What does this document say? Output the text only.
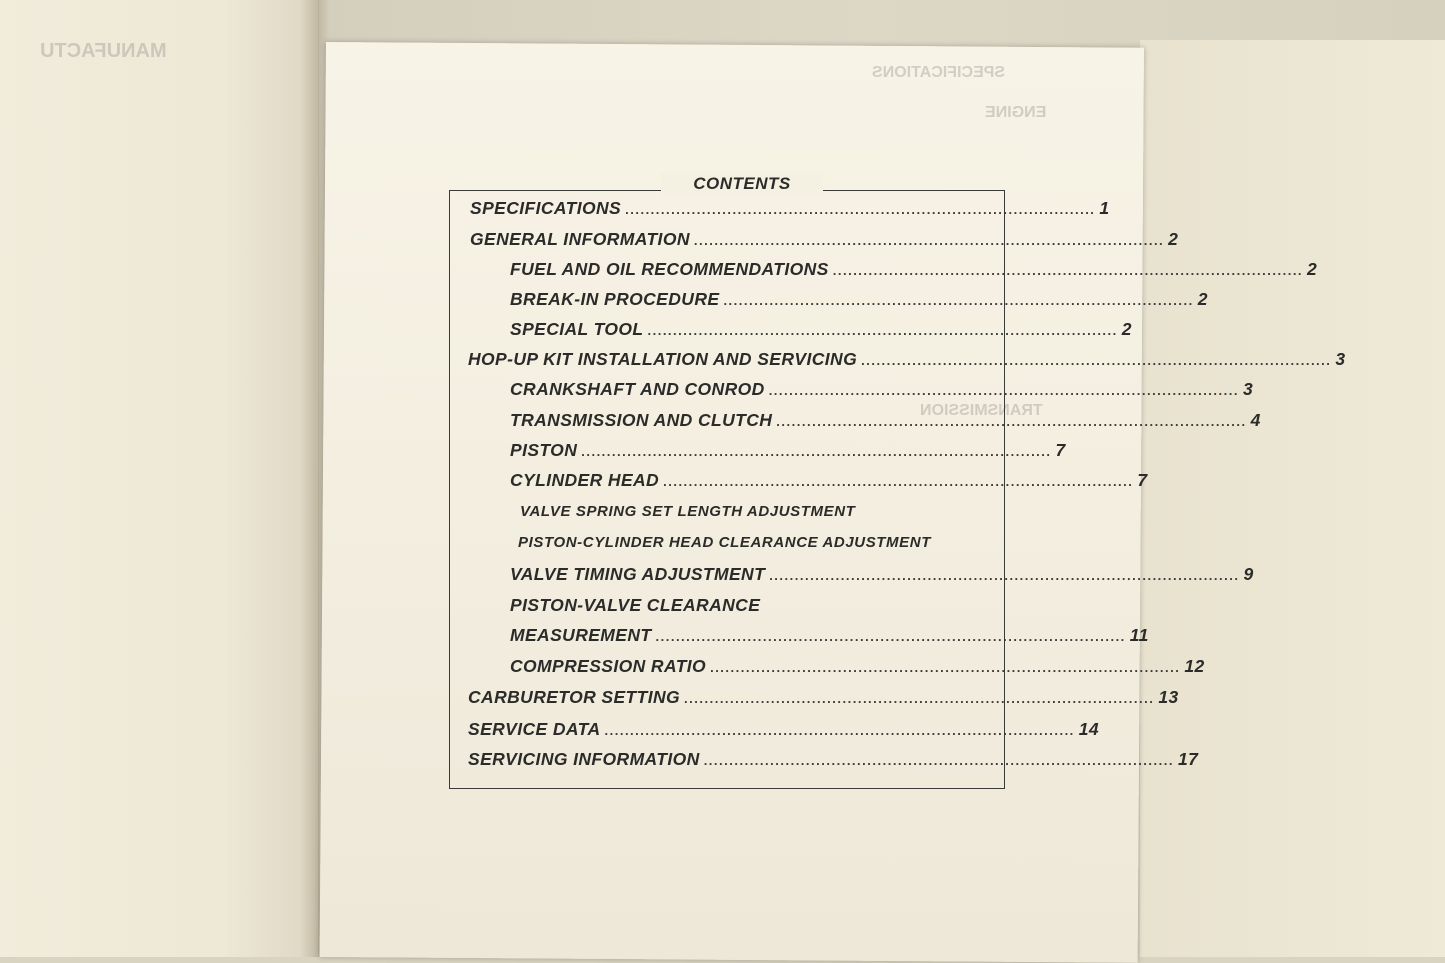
SPECIFICATIONS
ENGINE
TRANSMISSION
MANUFACTU
CONTENTS
SPECIFICATIONS ............................................................................................ 1
GENERAL INFORMATION ............................................................................................ 2
FUEL AND OIL RECOMMENDATIONS ............................................................................................ 2
BREAK-IN PROCEDURE ............................................................................................ 2
SPECIAL TOOL ............................................................................................ 2
HOP-UP KIT INSTALLATION AND SERVICING ............................................................................................ 3
CRANKSHAFT AND CONROD ............................................................................................ 3
TRANSMISSION AND CLUTCH ............................................................................................ 4
PISTON ............................................................................................ 7
CYLINDER HEAD ............................................................................................ 7
VALVE SPRING SET LENGTH ADJUSTMENT
PISTON-CYLINDER HEAD CLEARANCE ADJUSTMENT
VALVE TIMING ADJUSTMENT ............................................................................................ 9
PISTON-VALVE CLEARANCE
MEASUREMENT ............................................................................................ 11
COMPRESSION RATIO ............................................................................................ 12
CARBURETOR SETTING ............................................................................................ 13
SERVICE DATA ............................................................................................ 14
SERVICING INFORMATION ............................................................................................ 17
